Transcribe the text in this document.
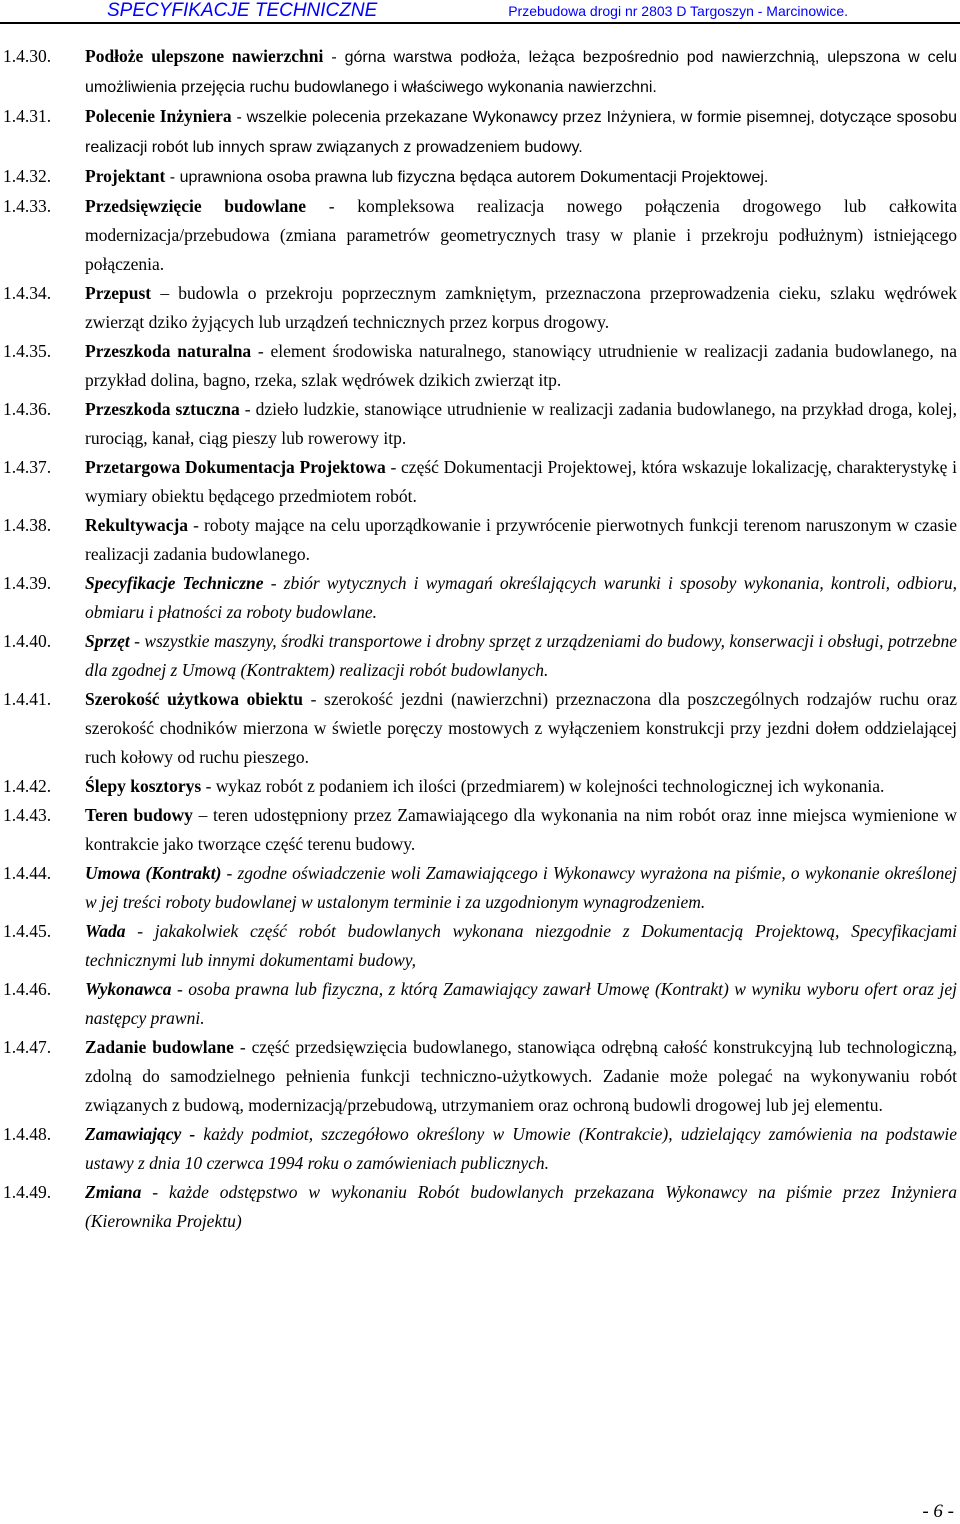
SPECYFIKACJE TECHNICZNE	Przebudowa drogi nr 2803 D Targoszyn - Marcinowice.
1.4.30.	Podłoże ulepszone nawierzchni - górna warstwa podłoża, leżąca bezpośrednio pod nawierzchnią, ulepszona w celu umożliwienia przejęcia ruchu budowlanego i właściwego wykonania nawierzchni.
1.4.31.	Polecenie Inżyniera - wszelkie polecenia przekazane Wykonawcy przez Inżyniera, w formie pisemnej, dotyczące sposobu realizacji robót lub innych spraw związanych z prowadzeniem budowy.
1.4.32.	Projektant - uprawniona osoba prawna lub fizyczna będąca autorem Dokumentacji Projektowej.
1.4.33.	Przedsięwzięcie budowlane - kompleksowa realizacja nowego połączenia drogowego lub całkowita modernizacja/przebudowa (zmiana parametrów geometrycznych trasy w planie i przekroju podłużnym) istniejącego połączenia.
1.4.34.	Przepust – budowla o przekroju poprzecznym zamkniętym, przeznaczona przeprowadzenia cieku, szlaku wędrówek zwierząt dziko żyjących lub urządzeń technicznych przez korpus drogowy.
1.4.35.	Przeszkoda naturalna - element środowiska naturalnego, stanowiący utrudnienie w realizacji zadania budowlanego, na przykład dolina, bagno, rzeka, szlak wędrówek dzikich zwierząt itp.
1.4.36.	Przeszkoda sztuczna - dzieło ludzkie, stanowiące utrudnienie w realizacji zadania budowlanego, na przykład droga, kolej, rurociąg, kanał, ciąg pieszy lub rowerowy itp.
1.4.37.	Przetargowa Dokumentacja Projektowa - część Dokumentacji Projektowej, która wskazuje lokalizację, charakterystykę i wymiary obiektu będącego przedmiotem robót.
1.4.38.	Rekultywacja - roboty mające na celu uporządkowanie i przywrócenie pierwotnych funkcji terenom naruszonym w czasie realizacji zadania budowlanego.
1.4.39.	Specyfikacje Techniczne - zbiór wytycznych i wymagań określających warunki i sposoby wykonania, kontroli, odbioru, obmiaru i płatności za roboty budowlane.
1.4.40.	Sprzęt - wszystkie maszyny, środki transportowe i drobny sprzęt z urządzeniami do budowy, konserwacji i obsługi, potrzebne dla zgodnej z Umową (Kontraktem) realizacji robót budowlanych.
1.4.41.	Szerokość użytkowa obiektu - szerokość jezdni (nawierzchni) przeznaczona dla poszczególnych rodzajów ruchu oraz szerokość chodników mierzona w świetle poręczy mostowych z wyłączeniem konstrukcji przy jezdni dołem oddzielającej ruch kołowy od ruchu pieszego.
1.4.42.	Ślepy kosztorys - wykaz robót z podaniem ich ilości (przedmiarem) w kolejności technologicznej ich wykonania.
1.4.43.	Teren budowy – teren udostępniony przez Zamawiającego dla wykonania na nim robót oraz inne miejsca wymienione w kontrakcie jako tworzące część terenu budowy.
1.4.44.	Umowa (Kontrakt) - zgodne oświadczenie woli Zamawiającego i Wykonawcy wyrażona na piśmie, o wykonanie określonej w jej treści roboty budowlanej w ustalonym terminie i za uzgodnionym wynagrodzeniem.
1.4.45.	Wada - jakakolwiek część robót budowlanych wykonana niezgodnie z Dokumentacją Projektową, Specyfikacjami technicznymi lub innymi dokumentami budowy,
1.4.46.	Wykonawca - osoba prawna lub fizyczna, z którą Zamawiający zawarł Umowę (Kontrakt) w wyniku wyboru ofert oraz jej następcy prawni.
1.4.47.	Zadanie budowlane - część przedsięwzięcia budowlanego, stanowiąca odrębną całość konstrukcyjną lub technologiczną, zdolną do samodzielnego pełnienia funkcji techniczno-użytkowych. Zadanie może polegać na wykonywaniu robót związanych z budową, modernizacją/przebudową, utrzymaniem oraz ochroną budowli drogowej lub jej elementu.
1.4.48.	Zamawiający - każdy podmiot, szczegółowo określony w Umowie (Kontrakcie), udzielający zamówienia na podstawie ustawy z dnia 10 czerwca 1994 roku o zamówieniach publicznych.
1.4.49.	Zmiana - każde odstępstwo w wykonaniu Robót budowlanych przekazana Wykonawcy na piśmie przez Inżyniera (Kierownika Projektu)
- 6 -
